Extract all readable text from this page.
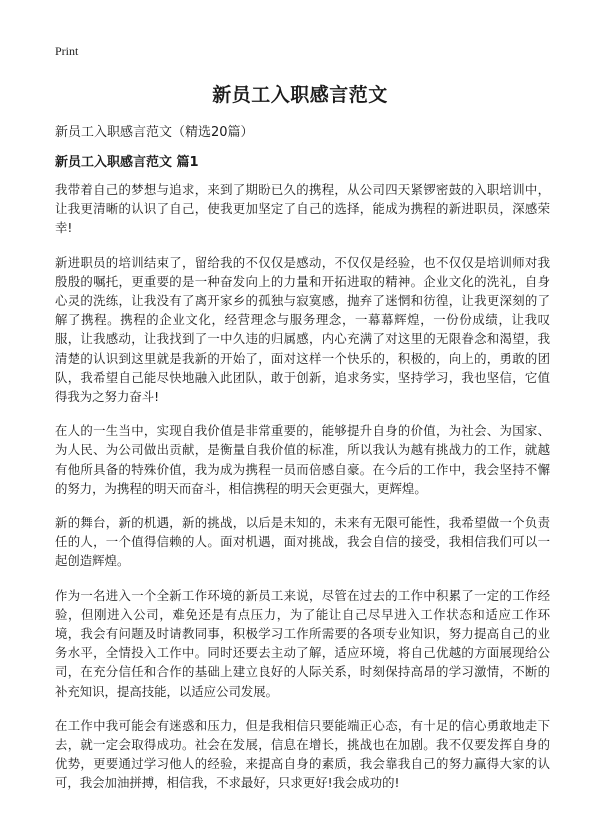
Print
新员工入职感言范文

新员工入职感言范文（精选20篇）

新员工入职感言范文 篇1

我带着自己的梦想与追求，来到了期盼已久的携程，从公司四天紧锣密鼓的入职培训中，让我更清晰的认识了自己，使我更加坚定了自己的选择，能成为携程的新进职员，深感荣幸!

新进职员的培训结束了，留给我的不仅仅是感动，不仅仅是经验，也不仅仅是培训师对我殷殷的嘱托，更重要的是一种奋发向上的力量和开拓进取的精神。企业文化的洗礼，自身心灵的洗练，让我没有了离开家乡的孤独与寂寞感，抛弃了迷惘和彷徨，让我更深刻的了解了携程。携程的企业文化，经营理念与服务理念，一幕幕辉煌，一份份成绩，让我叹服，让我感动，让我找到了一中久违的归属感，内心充满了对这里的无限眷念和渴望，我清楚的认识到这里就是我新的开始了，面对这样一个快乐的，积极的，向上的，勇敢的团队，我希望自己能尽快地融入此团队，敢于创新，追求务实，坚持学习，我也坚信，它值得我为之努力奋斗!

在人的一生当中，实现自我价值是非常重要的，能够提升自身的价值，为社会、为国家、为人民、为公司做出贡献，是衡量自我价值的标准，所以我认为越有挑战力的工作，就越有他所具备的特殊价值，我为成为携程一员而倍感自豪。在今后的工作中，我会坚持不懈的努力，为携程的明天而奋斗，相信携程的明天会更强大，更辉煌。

新的舞台，新的机遇，新的挑战，以后是未知的，未来有无限可能性，我希望做一个负责任的人，一个值得信赖的人。面对机遇，面对挑战，我会自信的接受，我相信我们可以一起创造辉煌。

作为一名进入一个全新工作环境的新员工来说，尽管在过去的工作中积累了一定的工作经验，但刚进入公司，难免还是有点压力，为了能让自己尽早进入工作状态和适应工作环境，我会有问题及时请教同事，积极学习工作所需要的各项专业知识，努力提高自己的业务水平，全情投入工作中。同时还要去主动了解，适应环境，将自己优越的方面展现给公司，在充分信任和合作的基础上建立良好的人际关系，时刻保持高昂的学习激情，不断的补充知识，提高技能，以适应公司发展。

在工作中我可能会有迷惑和压力，但是我相信只要能端正心态，有十足的信心勇敢地走下去，就一定会取得成功。社会在发展，信息在增长，挑战也在加剧。我不仅要发挥自身的优势，更要通过学习他人的经验，来提高自身的素质，我会靠我自己的努力赢得大家的认可，我会加油拼搏，相信我，不求最好，只求更好!我会成功的!
